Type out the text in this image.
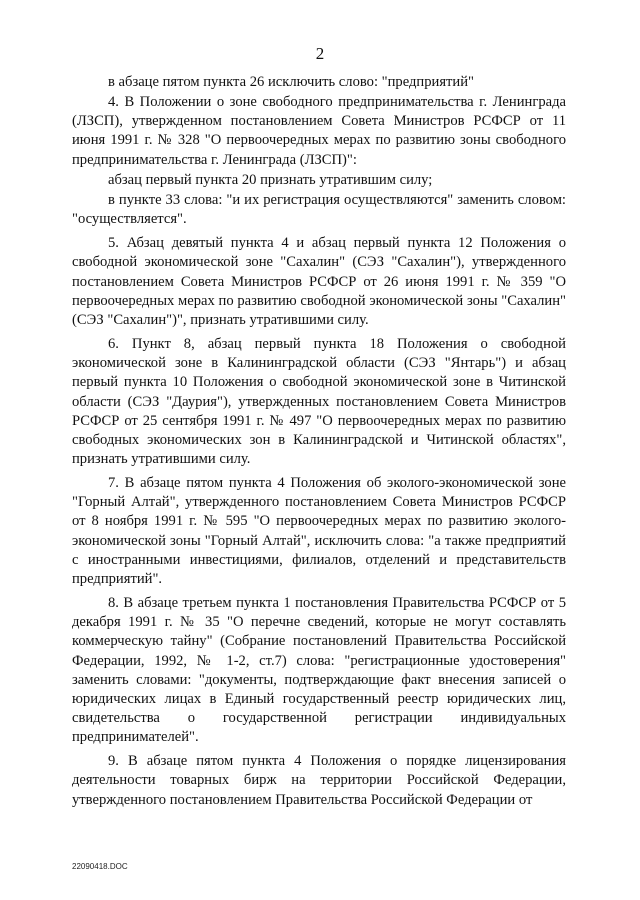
2

в абзаце пятом пункта 26 исключить слово: "предприятий"

4. В Положении о зоне свободного предпринимательства г. Ленинграда (ЛЗСП), утвержденном постановлением Совета Министров РСФСР от 11 июня 1991 г. № 328 "О первоочередных мерах по развитию зоны свободного предпринимательства г. Ленинграда (ЛЗСП)":

абзац первый пункта 20 признать утратившим силу;

в пункте 33 слова: "и их регистрация осуществляются" заменить словом: "осуществляется".

5. Абзац девятый пункта 4 и абзац первый пункта 12 Положения о свободной экономической зоне "Сахалин" (СЭЗ "Сахалин"), утвержденного постановлением Совета Министров РСФСР от 26 июня 1991 г. № 359 "О первоочередных мерах по развитию свободной экономической зоны "Сахалин" (СЭЗ "Сахалин")", признать утратившими силу.

6. Пункт 8, абзац первый пункта 18 Положения о свободной экономической зоне в Калининградской области (СЭЗ "Янтарь") и абзац первый пункта 10 Положения о свободной экономической зоне в Читинской области (СЭЗ "Даурия"), утвержденных постановлением Совета Министров РСФСР от 25 сентября 1991 г. № 497 "О первоочередных мерах по развитию свободных экономических зон в Калининградской и Читинской областях", признать утратившими силу.

7. В абзаце пятом пункта 4 Положения об эколого-экономической зоне "Горный Алтай", утвержденного постановлением Совета Министров РСФСР от 8 ноября 1991 г. № 595 "О первоочередных мерах по развитию эколого-экономической зоны "Горный Алтай", исключить слова: "а также предприятий с иностранными инвестициями, филиалов, отделений и представительств предприятий".

8. В абзаце третьем пункта 1 постановления Правительства РСФСР от 5 декабря 1991 г. № 35 "О перечне сведений, которые не могут составлять коммерческую тайну" (Собрание постановлений Правительства Российской Федерации, 1992, № 1-2, ст.7) слова: "регистрационные удостоверения" заменить словами: "документы, подтверждающие факт внесения записей о юридических лицах в Единый государственный реестр юридических лиц, свидетельства о государственной регистрации индивидуальных предпринимателей".

9. В абзаце пятом пункта 4 Положения о порядке лицензирования деятельности товарных бирж на территории Российской Федерации, утвержденного постановлением Правительства Российской Федерации от

22090418.DOC
